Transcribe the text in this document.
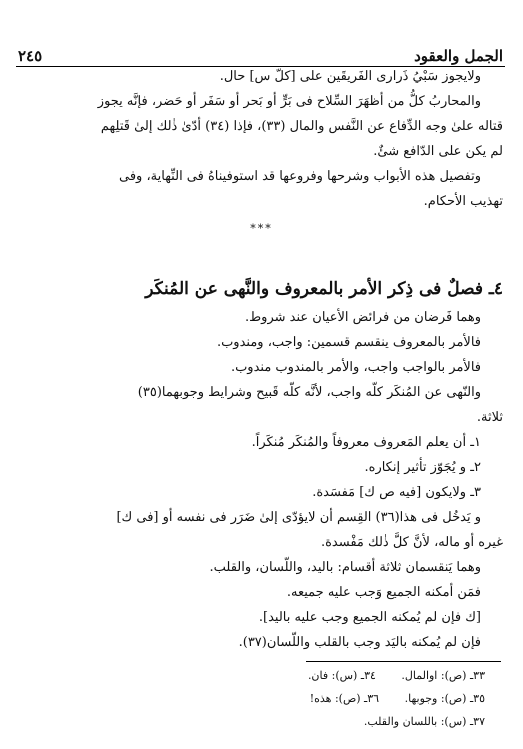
الجمل والعقود
٢٤٥
ولايجوز سَبْيُ ذَرارى الفَريقَين على [كلّ س] حال.
والمحاربُ كلُّ من أظهَرَ السِّلاح فى بَرٍّ أو بَحر أو سَفَر أو حَضر، فإنَّه يجوز
قتاله علىٰ وجه الدِّفاع عن النَّفس والمال (٣٣)، فإذا (٣٤) أدّىٰ ذٰلك إلىٰ قَتلِهم
لم يكن على الدّافع شئٌ.
وتفصيل هذه الأبواب وشرحها وفروعها قد استوفيناهُ فى النِّهاية، وفى
تهذيب الأحكام.
***
٤ـ فصلٌ فى ذِكر الأمر بالمعروف والنَّهى عن المُنكَر
وهما فَرضان من فرائض الأعيان عند شروط.
فالأمر بالمعروف ينقسم قسمين: واجب، ومندوب.
فالأمر بالواجب واجب، والأمر بالمندوب مندوب.
والنّهى عن المُنكَر كلّه واجب، لأنَّه كلّه قَبيح وشرايط وجوبهما(٣٥)
ثلاثة.
١ـ أن يعلم المَعروف معروفاً والمُنكَر مُنكَراً.
٢ـ و يُجَوّز تأثير إنكاره.
٣ـ ولايكون [فيه ص ك] مَفسَدة.
و يَدخُل فى هذا(٣٦) القِسم أن لايؤدّى إلىٰ ضَرَر فى نفسه أو [فى ك]
غيره أو ماله، لأنَّ كلَّ ذٰلك مَفْسدة.
وهما يَنقسمان ثلاثة أقسام: باليد، واللّسان، والقلب.
فمَن أمكنه الجميع وَجب عليه جميعه.
[ك فإن لم يُمكنه الجميع وجب عليه باليد].
فإن لم يُمكنه باليَد وجب بالقلب واللّسان(٣٧).
٣٣ـ (ص): اوالمال. ٣٤ـ (س): فان.
٣٥ـ (ص): وجوبها. ٣٦ـ (ص): هذه!
٣٧ـ (س): باللسان والقلب.
